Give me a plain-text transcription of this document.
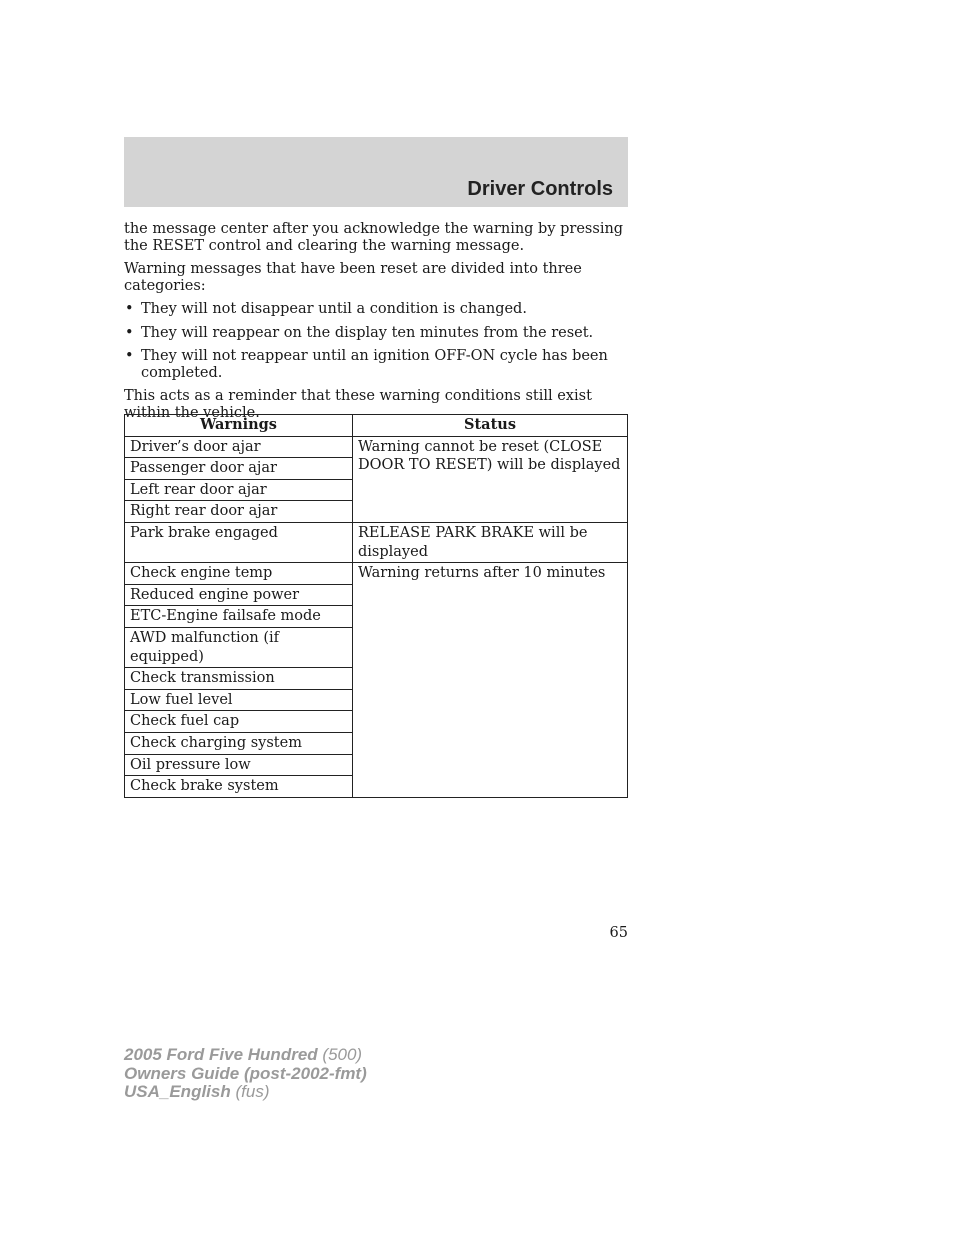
Driver Controls

the message center after you acknowledge the warning by pressing the RESET control and clearing the warning message.

Warning messages that have been reset are divided into three categories:

• They will not disappear until a condition is changed.
• They will reappear on the display ten minutes from the reset.
• They will not reappear until an ignition OFF-ON cycle has been completed.

This acts as a reminder that these warning conditions still exist within the vehicle.

Warnings	Status
Driver’s door ajar	Warning cannot be reset (CLOSE DOOR TO RESET) will be displayed
Passenger door ajar	
Left rear door ajar	
Right rear door ajar	
Park brake engaged	RELEASE PARK BRAKE will be displayed
Check engine temp	Warning returns after 10 minutes
Reduced engine power	
ETC-Engine failsafe mode	
AWD malfunction (if equipped)	
Check transmission	
Low fuel level	
Check fuel cap	
Check charging system	
Oil pressure low	
Check brake system	
65
2005 Ford Five Hundred (500)
Owners Guide (post-2002-fmt)
USA_English (fus)
